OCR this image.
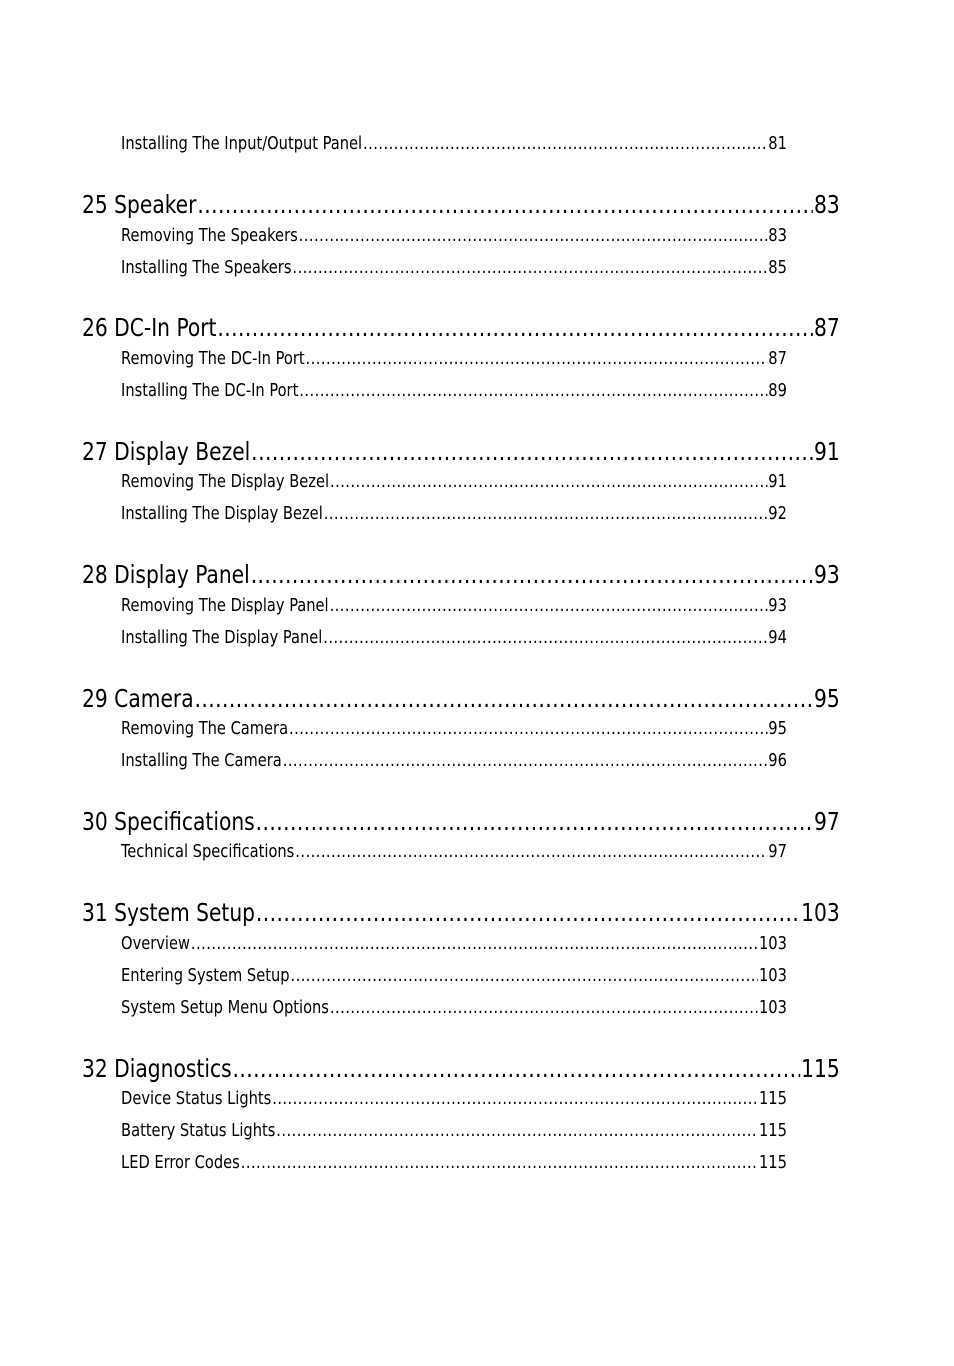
Installing The Input/Output Panel .....	81
25 Speaker .....	83
Removing The Speakers .....	83
Installing The Speakers .....	85
26 DC-In Port .....	87
Removing The DC-In Port .....	87
Installing The DC-In Port .....	89
27 Display Bezel .....	91
Removing The Display Bezel .....	91
Installing The Display Bezel .....	92
28 Display Panel .....	93
Removing The Display Panel .....	93
Installing The Display Panel .....	94
29 Camera .....	95
Removing The Camera .....	95
Installing The Camera .....	96
30 Specifications .....	97
Technical Specifications .....	97
31 System Setup .....	103
Overview .....	103
Entering System Setup .....	103
System Setup Menu Options .....	103
32 Diagnostics .....	115
Device Status Lights .....	115
Battery Status Lights .....	115
LED Error Codes .....	115
